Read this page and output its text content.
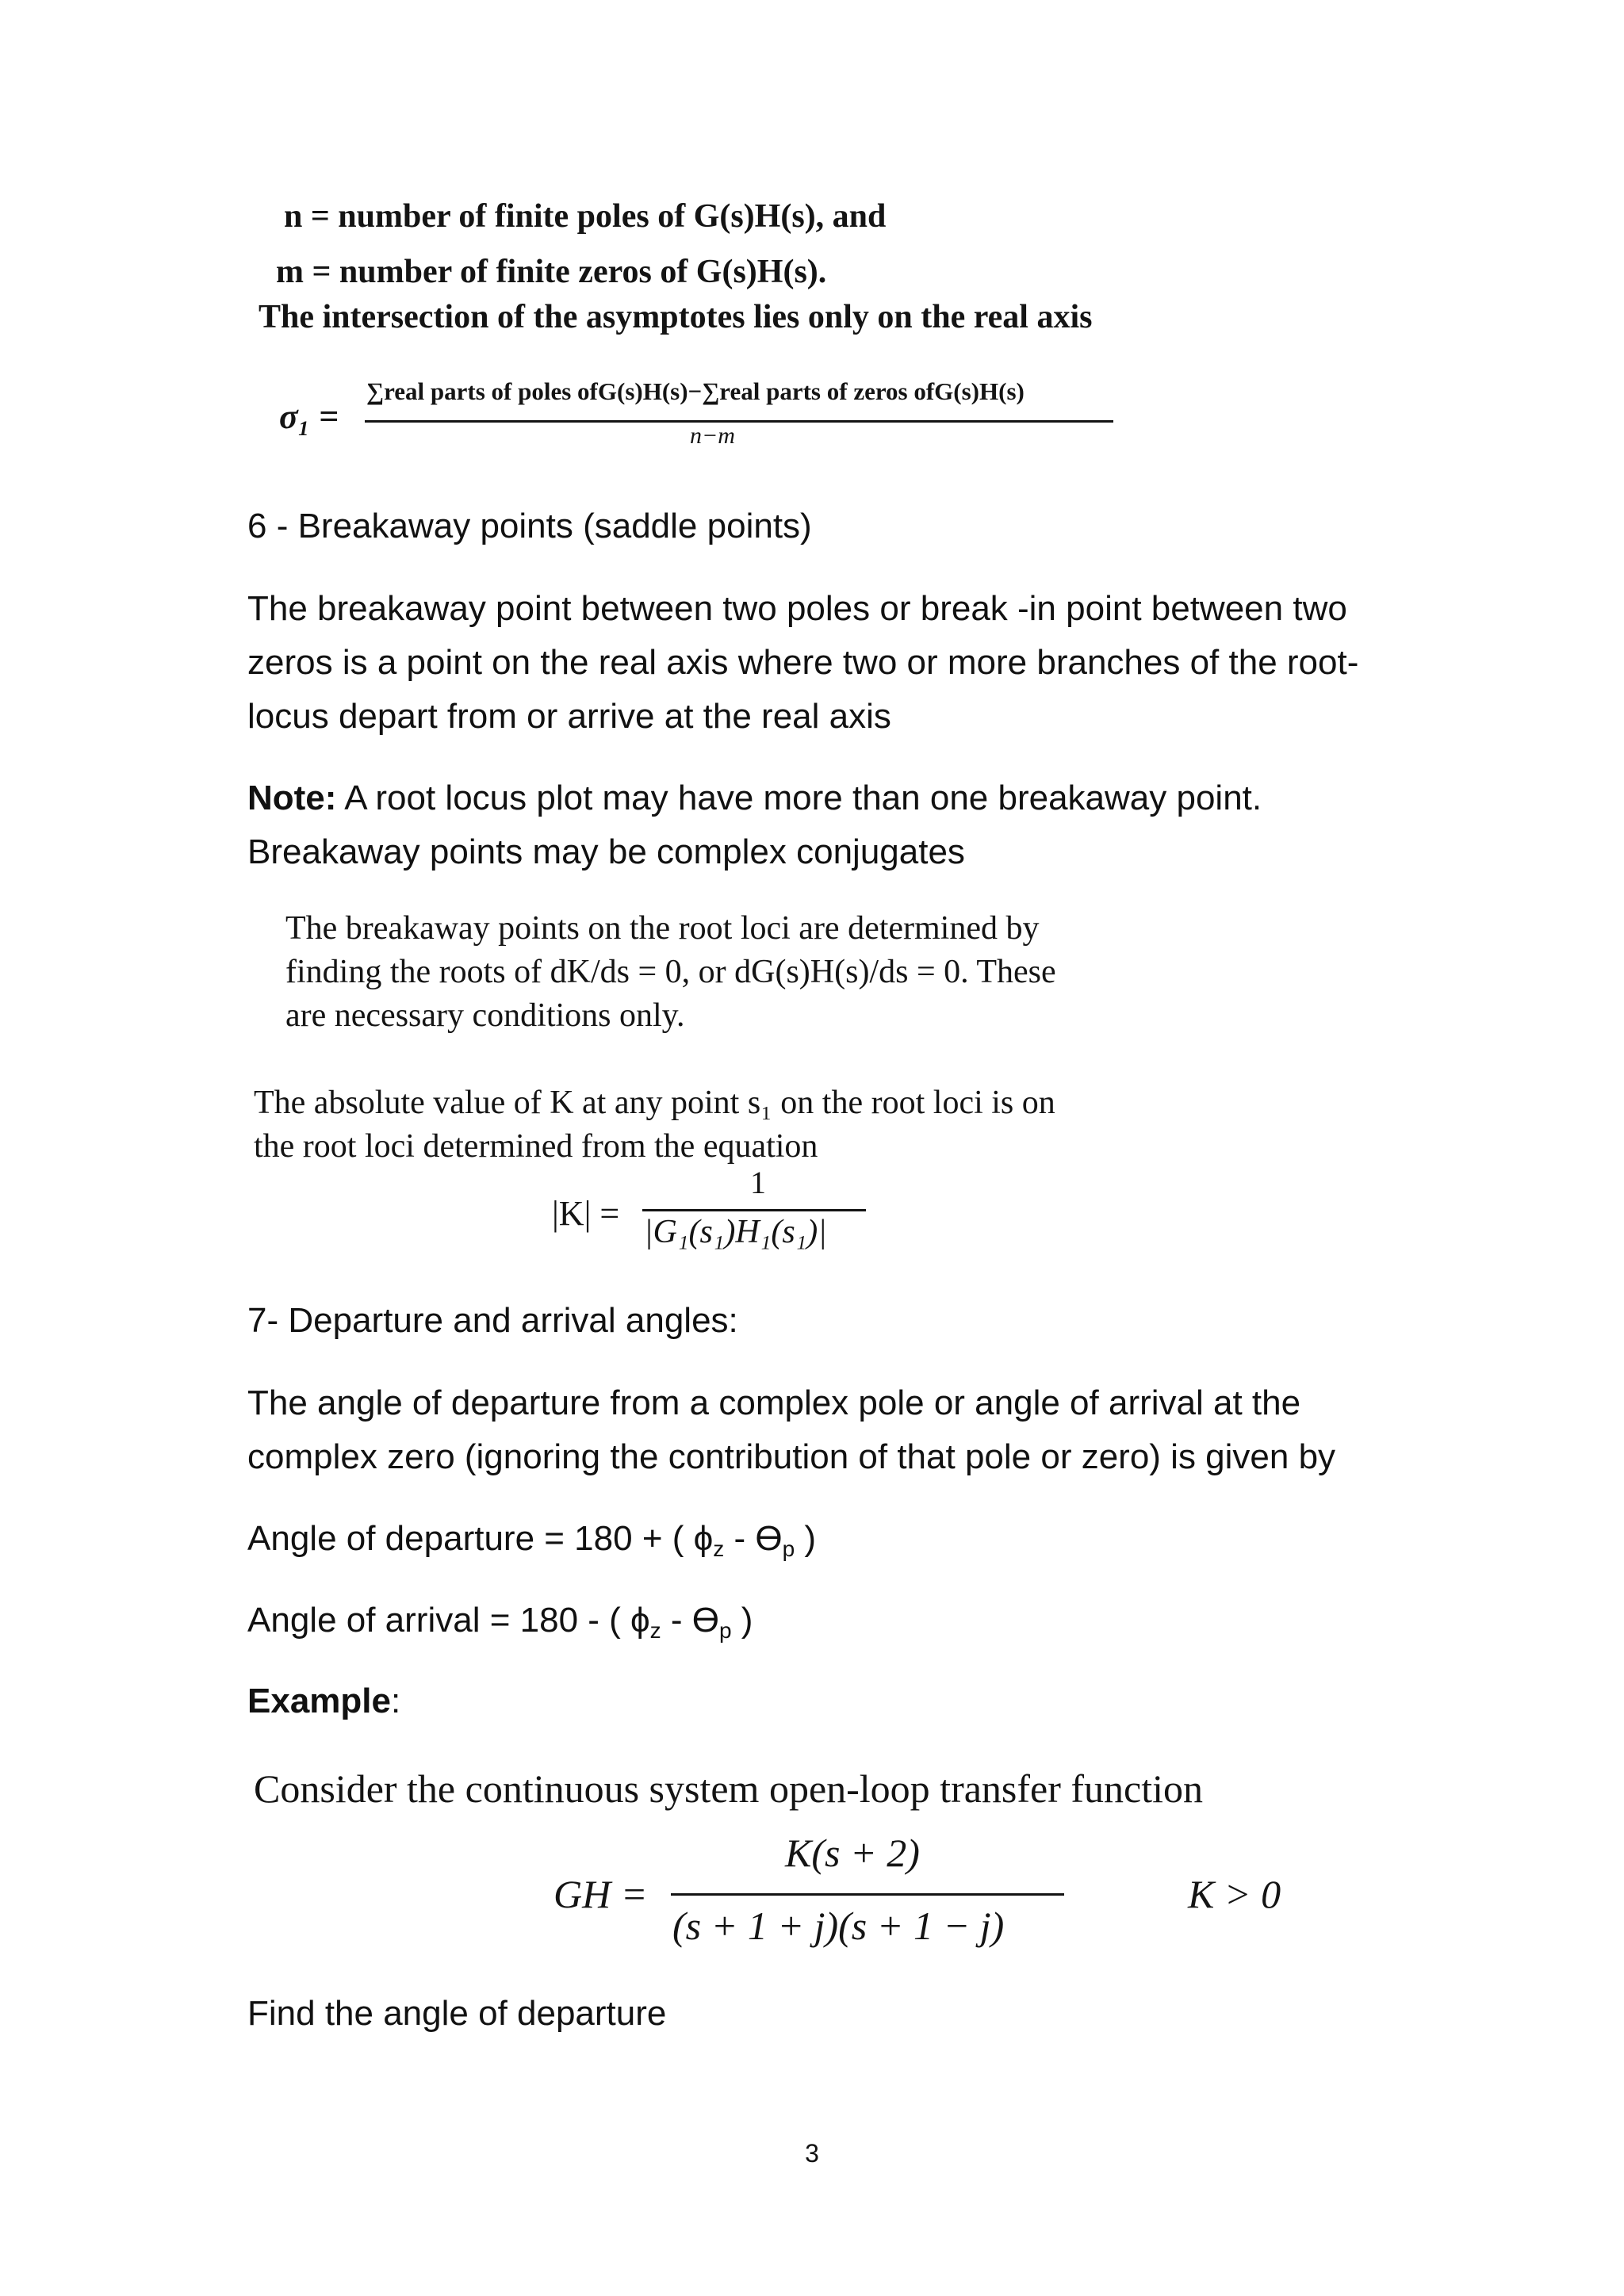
n = number of finite poles of G(s)H(s), and
m = number of finite zeros of G(s)H(s).
The intersection of the asymptotes lies only on the real axis
σ₁ =
∑real parts of poles ofG(s)H(s)−∑real parts of zeros ofG(s)H(s)
n−m
6 - Breakaway points (saddle points)
The breakaway point between two poles or break -in point between two
zeros is a point on the real axis where two or more branches of the root-
locus depart from or arrive at the real axis
Note: A root locus plot may have more than one breakaway point.
Breakaway points may be complex conjugates
The breakaway points on the root loci are determined by
finding the roots of dK/ds = 0, or dG(s)H(s)/ds = 0. These
are necessary conditions only.
The absolute value of K at any point s₁ on the root loci is on
the root loci determined from the equation
|K| =
1
|G₁(s₁)H₁(s₁)|
7- Departure and arrival angles:
The angle of departure from a complex pole or angle of arrival at the
complex zero (ignoring the contribution of that pole or zero) is given by
Angle of departure = 180 + ( ϕz - ϴp )
Angle of arrival = 180 - ( ϕz - ϴp )
Example:
Consider the continuous system open-loop transfer function
GH =
K(s + 2)
(s + 1 + j)(s + 1 − j)
K > 0
Find the angle of departure
3
